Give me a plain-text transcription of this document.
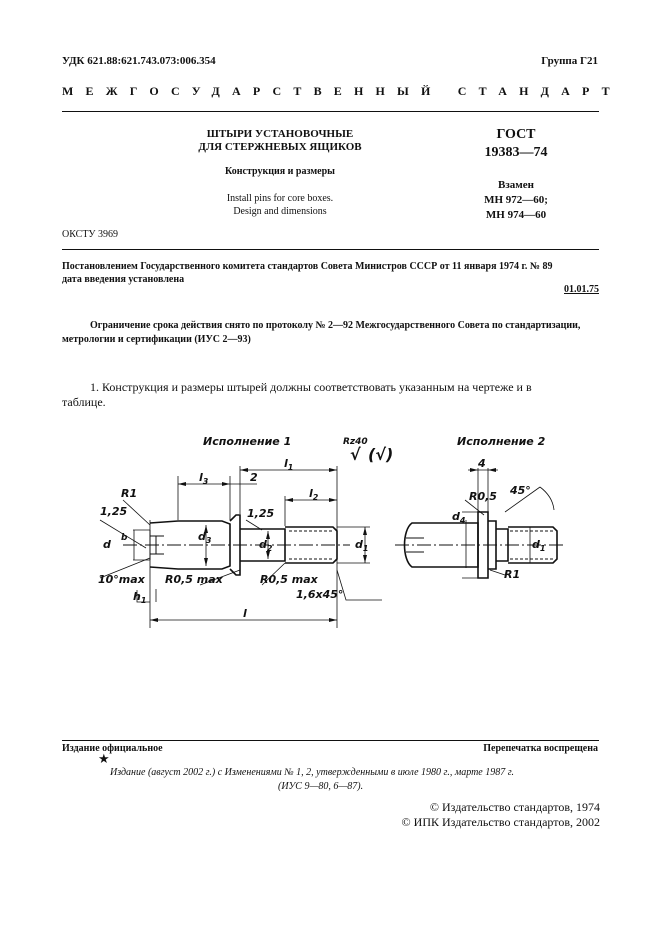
УДК 621.88:621.743.073:006.354	Группа Г21
МЕЖГОСУДАРСТВЕННЫЙ СТАНДАРТ
ШТЫРИ УСТАНОВОЧНЫЕ
ДЛЯ СТЕРЖНЕВЫХ ЯЩИКОВ
Конструкция и размеры
Install pins for core boxes.
Design and dimensions
ГОСТ
19383—74
Взамен
МН 972—60;
МН 974—60
ОКСТУ 3969
Постановлением Государственного комитета стандартов Совета Министров СССР от 11 января 1974 г. № 89
дата введения установлена
01.01.75
Ограничение срока действия снято по протоколу № 2—92 Межгосударственного Совета по стандартизации,
метрологии и сертификации (ИУС 2—93)
1. Конструкция и размеры штырей должны соответствовать указанным на чертеже и в
таблице.
Исполнение 1	Исполнение 2
Rz40
√ (√)
$l_1$
$l_3$	2
$l_2$
R1
1,25	1,25
d b	$d_3$	$d_2$	$d_1$
10°max R0,5 max	R0,5 max
1,6x45°
$h_1$
l
4
R0,5 45°
$d_4$
$d_1$
R1
Издание официальное	Перепечатка воспрещена
★
Издание (август 2002 г.) с Изменениями № 1, 2, утвержденными в июле 1980 г., марте 1987 г.
(ИУС 9—80, 6—87).
© Издательство стандартов, 1974
© ИПК Издательство стандартов, 2002
